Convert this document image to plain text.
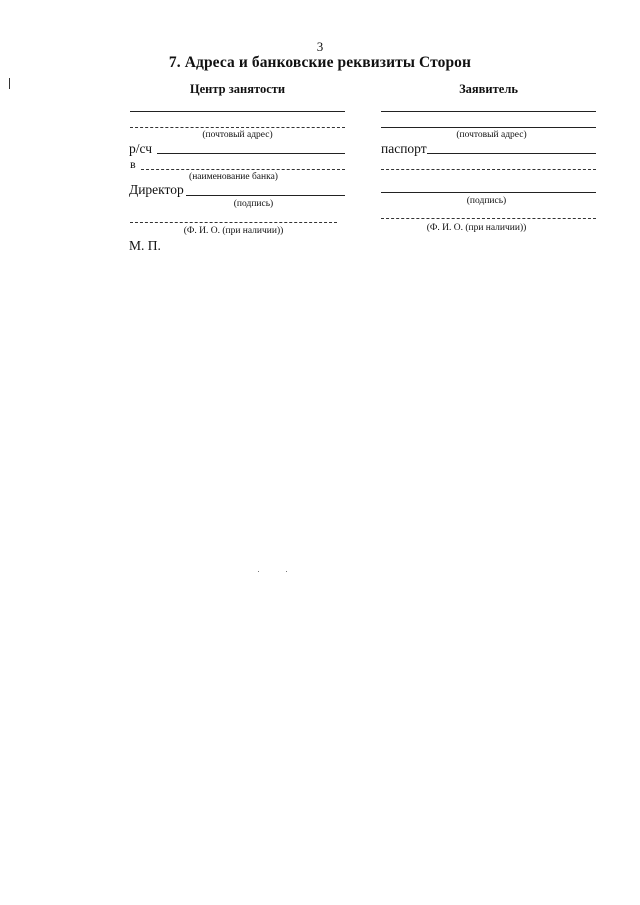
3
7. Адреса и банковские реквизиты Сторон
Центр занятости
(почтовый адрес)
р/сч
в
(наименование банка)
Директор
(подпись)
(Ф. И. О. (при наличии))
М. П.
Заявитель
(почтовый адрес)
паспорт
(подпись)
(Ф. И. О. (при наличии))
